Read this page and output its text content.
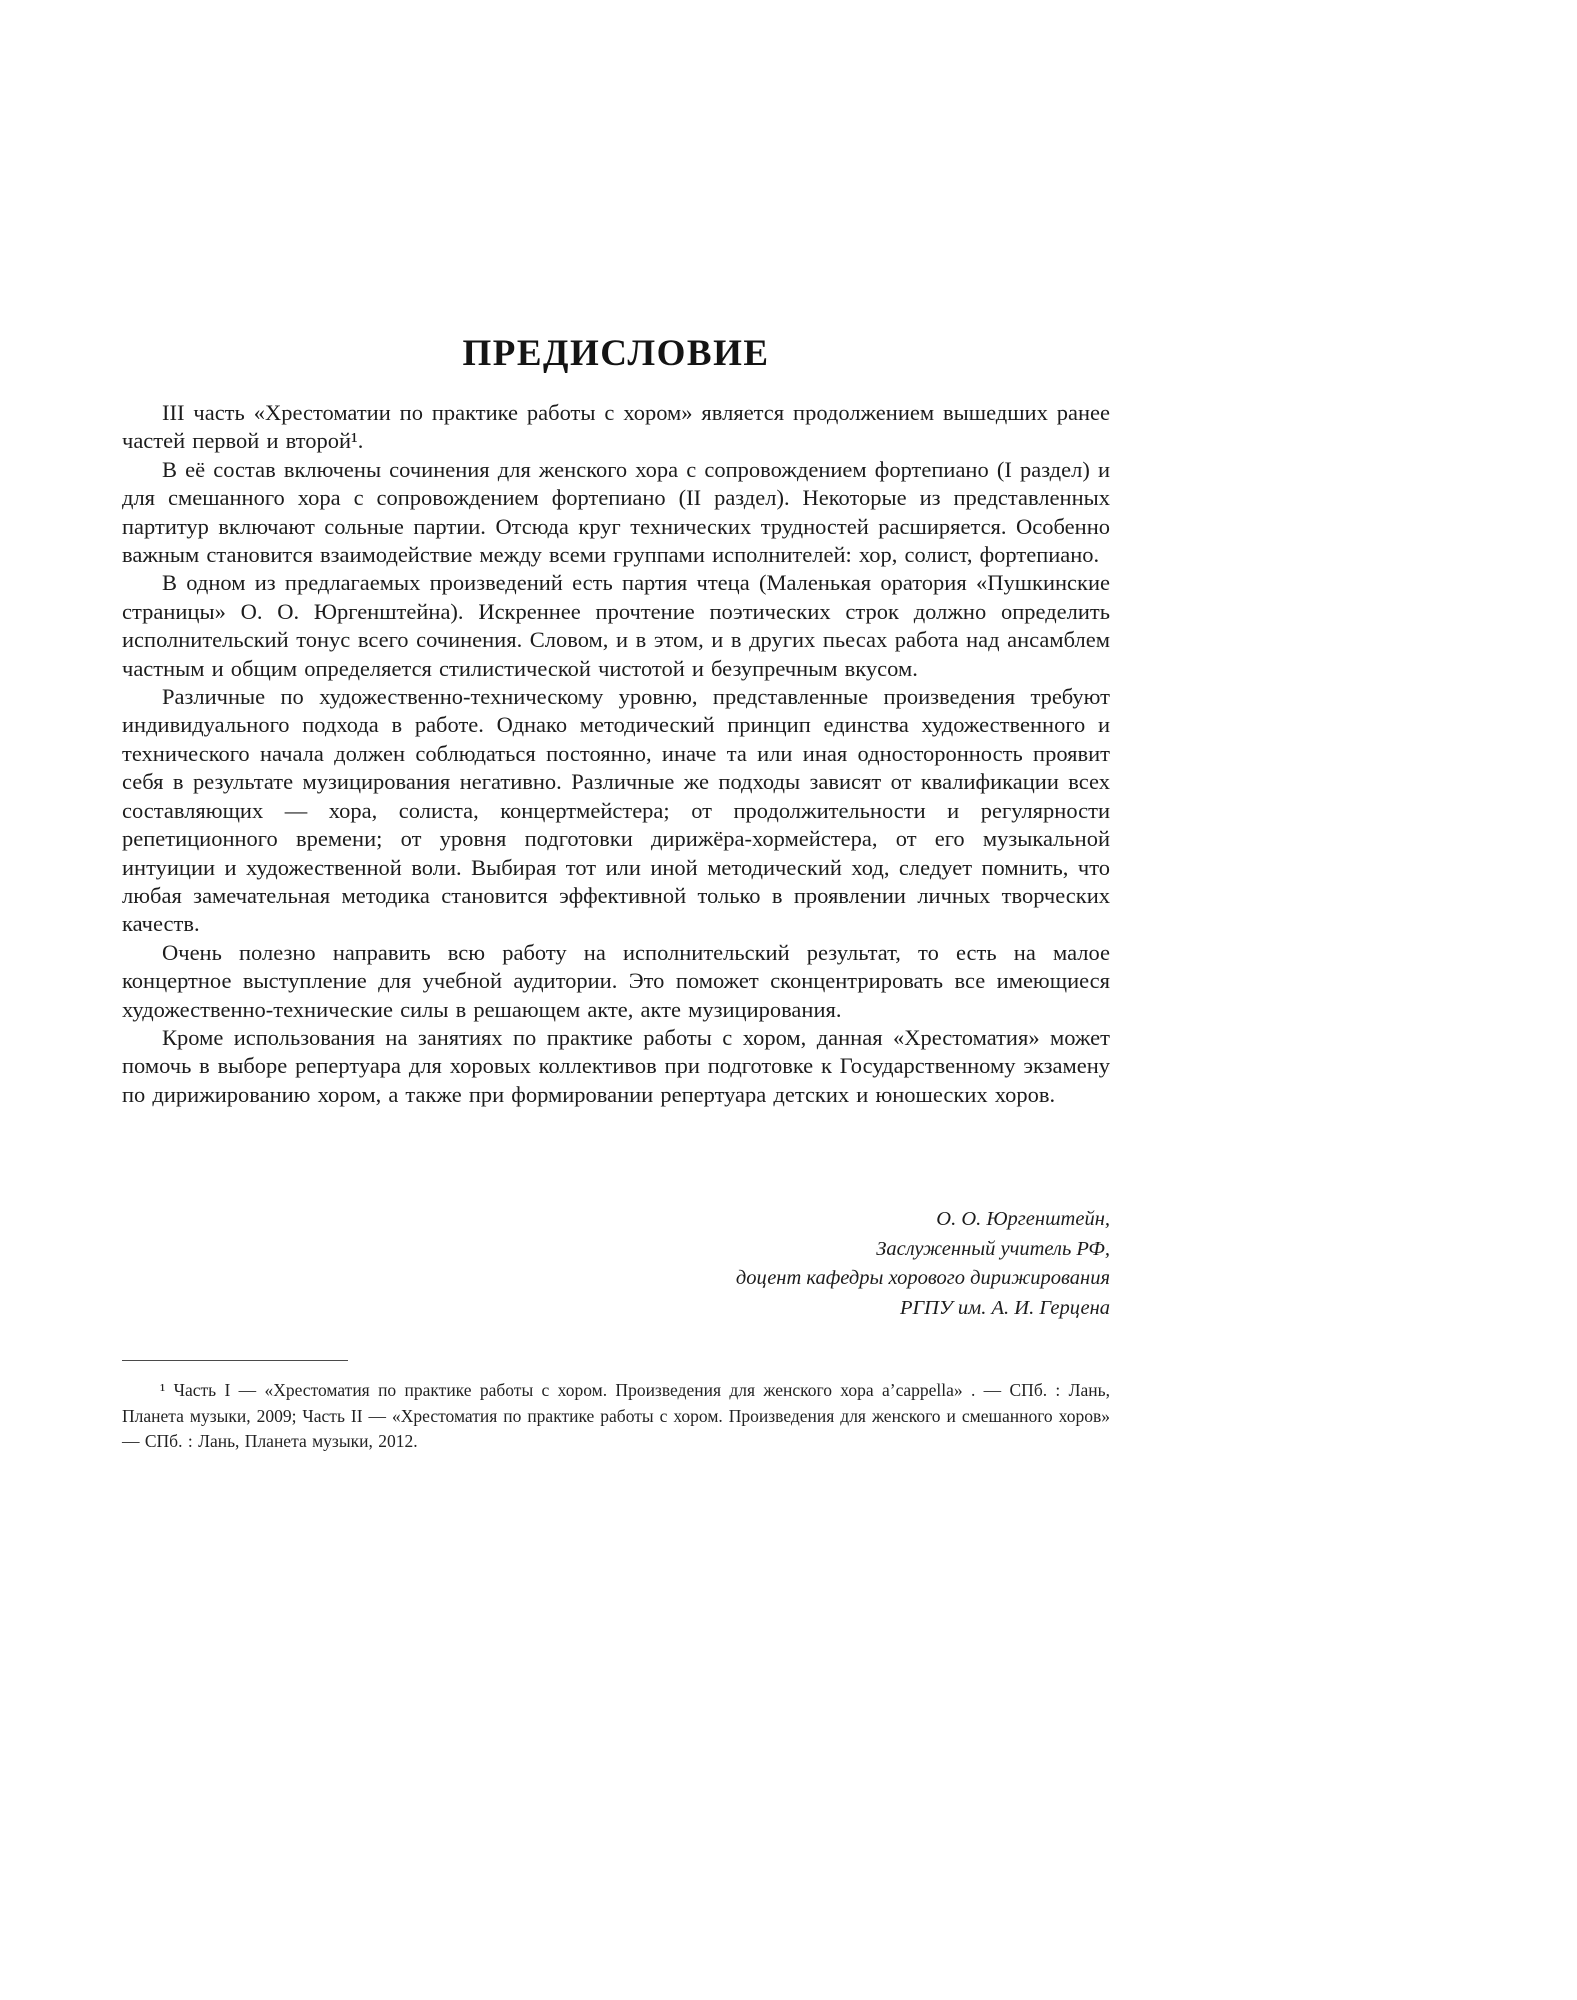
ПРЕДИСЛОВИЕ

III часть «Хрестоматии по практике работы с хором» является продолжением вышедших ранее частей первой и второй¹.

В её состав включены сочинения для женского хора с сопровождением фортепиано (I раздел) и для смешанного хора с сопровождением фортепиано (II раздел). Некоторые из представленных партитур включают сольные партии. Отсюда круг технических трудностей расширяется. Особенно важным становится взаимодействие между всеми группами исполнителей: хор, солист, фортепиано.

В одном из предлагаемых произведений есть партия чтеца (Маленькая оратория «Пушкинские страницы» О. О. Юргенштейна). Искреннее прочтение поэтических строк должно определить исполнительский тонус всего сочинения. Словом, и в этом, и в других пьесах работа над ансамблем частным и общим определяется стилистической чистотой и безупречным вкусом.

Различные по художественно-техническому уровню, представленные произведения требуют индивидуального подхода в работе. Однако методический принцип единства художественного и технического начала должен соблюдаться постоянно, иначе та или иная односторонность проявит себя в результате музицирования негативно. Различные же подходы зависят от квалификации всех составляющих — хора, солиста, концертмейстера; от продолжительности и регулярности репетиционного времени; от уровня подготовки дирижёра-хормейстера, от его музыкальной интуиции и художественной воли. Выбирая тот или иной методический ход, следует помнить, что любая замечательная методика становится эффективной только в проявлении личных творческих качеств.

Очень полезно направить всю работу на исполнительский результат, то есть на малое концертное выступление для учебной аудитории. Это поможет сконцентрировать все имеющиеся художественно-технические силы в решающем акте, акте музицирования.

Кроме использования на занятиях по практике работы с хором, данная «Хрестоматия» может помочь в выборе репертуара для хоровых коллективов при подготовке к Государственному экзамену по дирижированию хором, а также при формировании репертуара детских и юношеских хоров.

О. О. Юргенштейн,
Заслуженный учитель РФ,
доцент кафедры хорового дирижирования
РГПУ им. А. И. Герцена

¹ Часть I — «Хрестоматия по практике работы с хором. Произведения для женского хора a’cappella» . — СПб. : Лань, Планета музыки, 2009; Часть II — «Хрестоматия по практике работы с хором. Произведения для женского и смешанного хоров» — СПб. : Лань, Планета музыки, 2012.
